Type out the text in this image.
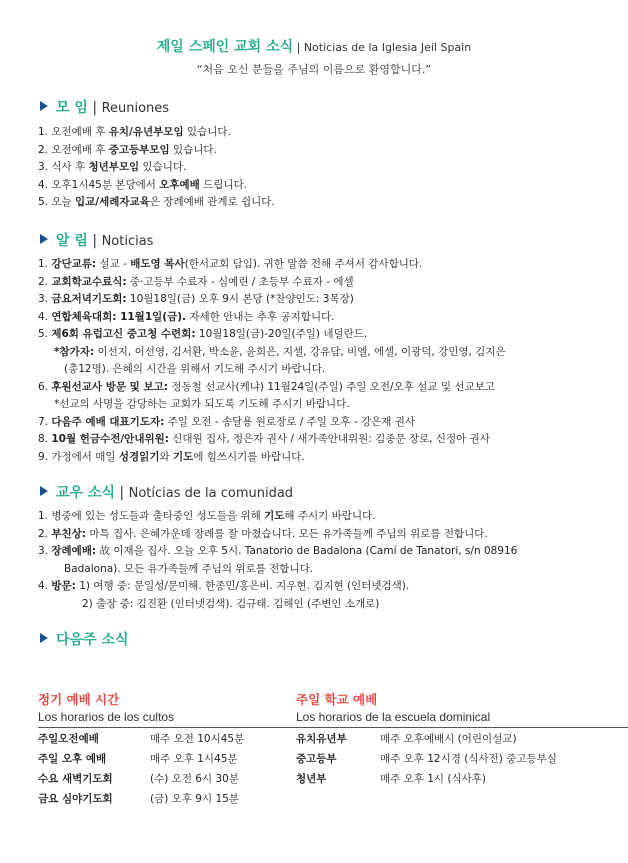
제일 스페인 교회 소식 | Noticias de la Iglesia Jeil Spain
“처음 오신 분들을 주님의 이름으로 환영합니다.”
모 임 | Reuniones
1. 오전예배 후 유치/유년부모임 있습니다.
2. 오전예배 후 중고등부모임 있습니다.
3. 식사 후 청년부모임 있습니다.
4. 오후1시45분 본당에서 오후예배 드립니다.
5. 오늘 입교/세례자교육은 장례예배 관계로 쉽니다.
알 림 | Noticias
1. 강단교류: 설교 - 배도영 목사(한서교회 담임). 귀한 말씀 전해 주셔서 감사합니다.
2. 교회학교수료식: 중·고등부 수료자 - 심예린 / 초등부 수료자 - 에셀
3. 금요저녁기도회: 10월18일(금) 오후 9시 본당 (*찬양인도: 3목장)
4. 연합체육대회: 11월1일(금). 자세한 안내는 추후 공지합니다.
5. 제6회 유럽고신 중고청 수련회: 10월18일(금)-20일(주일) 네덜란드.
*참가자: 이선지, 이선영, 김서환, 박소윤, 윤희은, 지셀, 강유담, 비엘, 에셀, 이광덕, 강민영, 김지은
(총12명). 은혜의 시간을 위해서 기도해 주시기 바랍니다.
6. 후원선교사 방문 및 보고: 정동철 선교사(케냐) 11월24일(주일) 주일 오전/오후 설교 및 선교보고
*선교의 사명을 감당하는 교회가 되도록 기도해 주시기 바랍니다.
7. 다음주 예배 대표기도자: 주일 오전 - 송달용 원로장로 / 주일 오후 - 강은재 권사
8. 10월 헌금수전/안내위원: 신대원 집사, 정은자 권사 / 새가족안내위원: 김종문 장로, 신정아 권사
9. 가정에서 매일 성경읽기와 기도에 힘쓰시기를 바랍니다.
교우 소식 | Notícias de la comunidad
1. 병중에 있는 성도들과 출타중인 성도들을 위해 기도해 주시기 바랍니다.
2. 부친상: 마특 집사. 은혜가운데 장례를 잘 마쳤습니다. 모든 유가족들께 주님의 위로를 전합니다.
3. 장례예배: 故 이재을 집사. 오늘 오후 5시. Tanatorio de Badalona (Camí de Tanatori, s/n 08916
Badalona). 모든 유가족들께 주님의 위로를 전합니다.
4. 방문: 1) 여행 중: 문일성/문미해. 한종민/홍은비. 지우현. 김지현 (인터넷검색).
2) 출장 중: 김진환 (인터넷검색). 김규태. 김해인 (주변인 소개로)
다음주 소식
정기 예배 시간
Los horarios de los cultos
주일 학교 예배
Los horarios de la escuela dominical
주일오전예배	매주 오전 10시45분
주일 오후 예배	매주 오후 1시45분
수요 새벽기도회	(수) 오전 6시 30분
금요 심야기도회	(금) 오후 9시 15분
유치유년부	매주 오후예배시 (어린이설교)
중고등부	매주 오후 12시경 (식사전) 중고등부실
청년부	매주 오후 1시 (식사후)
